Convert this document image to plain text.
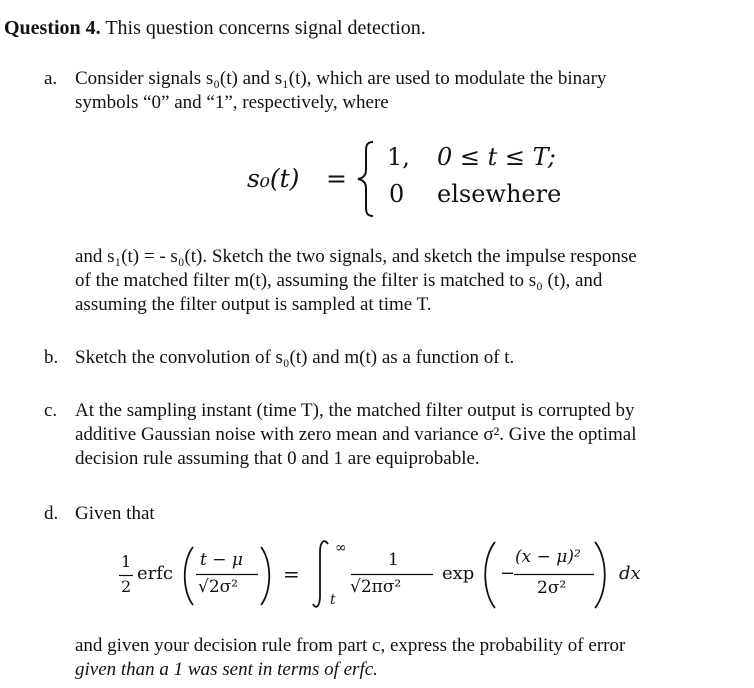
Question 4. This question concerns signal detection.

a. Consider signals s₀(t) and s₁(t), which are used to modulate the binary

symbols “0” and “1”, respectively, where

s₀(t) =
1, 0 ≤ t ≤ T;
0 elsewhere

and s₁(t) = - s₀(t). Sketch the two signals, and sketch the impulse response

of the matched filter m(t), assuming the filter is matched to s₀ (t), and

assuming the filter output is sampled at time T.

b. Sketch the convolution of s₀(t) and m(t) as a function of t.

c. At the sampling instant (time T), the matched filter output is corrupted by

additive Gaussian noise with zero mean and variance σ². Give the optimal

decision rule assuming that 0 and 1 are equiprobable.

d. Given that

1
2
erfc
t − μ
√2σ²
=
∞
t
1
√2πσ²
exp −
(x − μ)²
2σ²
dx

and given your decision rule from part c, express the probability of error

given than a 1 was sent in terms of erfc.
